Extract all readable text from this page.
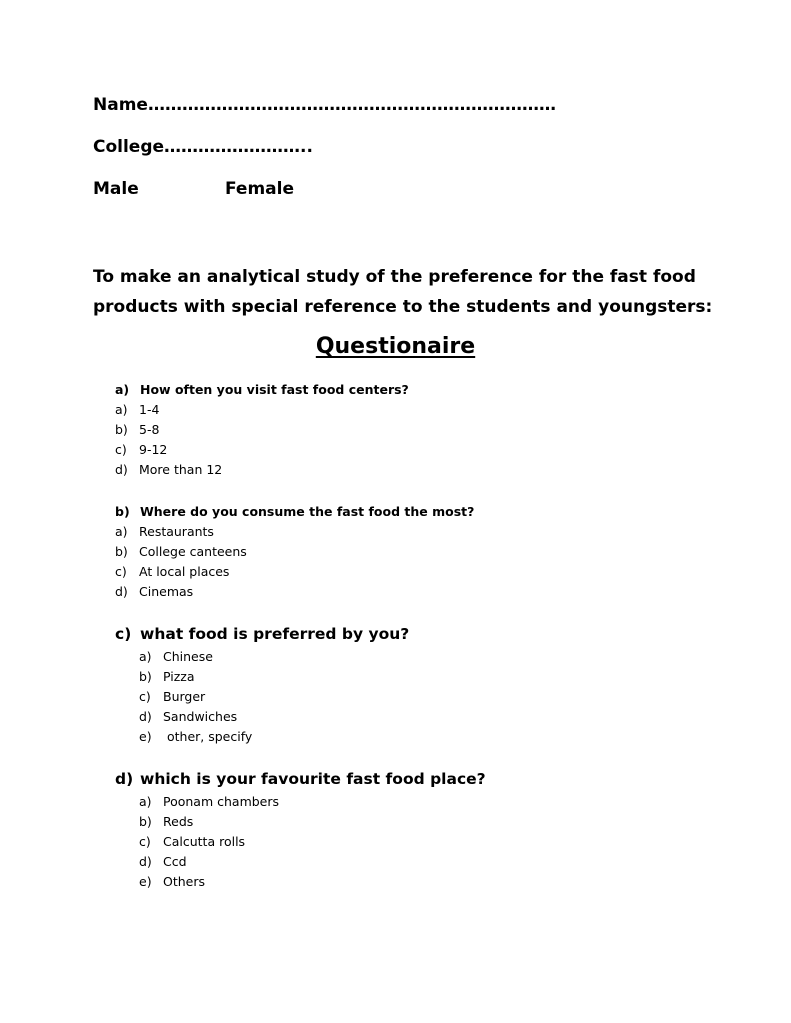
Name………………………………………………………………
College……………………..
Male	Female
To make an analytical study of the preference for the fast food
products with special reference to the students and youngsters:
Questionaire
a) How often you visit fast food centers?
a) 1-4
b) 5-8
c) 9-12
d) More than 12
b) Where do you consume the fast food the most?
a) Restaurants
b) College canteens
c) At local places
d) Cinemas
c) what food is preferred by you?
a) Chinese
b) Pizza
c) Burger
d) Sandwiches
e) other, specify
d) which is your favourite fast food place?
a) Poonam chambers
b) Reds
c) Calcutta rolls
d) Ccd
e) Others
